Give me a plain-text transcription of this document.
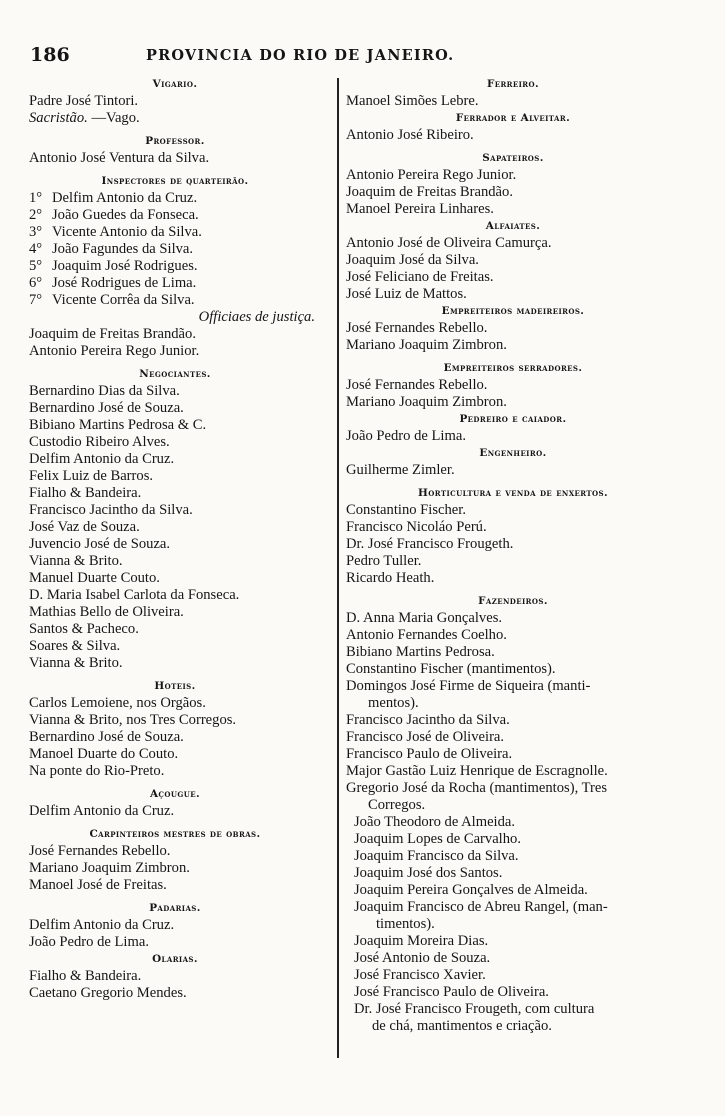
186	PROVINCIA DO RIO DE JANEIRO.
Vigario.
Padre José Tintori.
Sacristão. —Vago.
Professor.
Antonio José Ventura da Silva.
Inspectores de quarteirão.
1° Delfim Antonio da Cruz.
2° João Guedes da Fonseca.
3° Vicente Antonio da Silva.
4° João Fagundes da Silva.
5° Joaquim José Rodrigues.
6° José Rodrigues de Lima.
7° Vicente Corrêa da Silva.
Officiaes de justiça.
Joaquim de Freitas Brandão.
Antonio Pereira Rego Junior.
Negociantes.
Bernardino Dias da Silva.
Bernardino José de Souza.
Bibiano Martins Pedrosa & C.
Custodio Ribeiro Alves.
Delfim Antonio da Cruz.
Felix Luiz de Barros.
Fialho & Bandeira.
Francisco Jacintho da Silva.
José Vaz de Souza.
Juvencio José de Souza.
Vianna & Brito.
Manuel Duarte Couto.
D. Maria Isabel Carlota da Fonseca.
Mathias Bello de Oliveira.
Santos & Pacheco.
Soares & Silva.
Vianna & Brito.
Hoteis.
Carlos Lemoiene, nos Orgãos.
Vianna & Brito, nos Tres Corregos.
Bernardino José de Souza.
Manoel Duarte do Couto.
Na ponte do Rio-Preto.
Açougue.
Delfim Antonio da Cruz.
Carpinteiros mestres de obras.
José Fernandes Rebello.
Mariano Joaquim Zimbron.
Manoel José de Freitas.
Padarias.
Delfim Antonio da Cruz.
João Pedro de Lima.
Olarias.
Fialho & Bandeira.
Caetano Gregorio Mendes.
Ferreiro.
Manoel Simões Lebre.
Ferrador e Alveitar.
Antonio José Ribeiro.
Sapateiros.
Antonio Pereira Rego Junior.
Joaquim de Freitas Brandão.
Manoel Pereira Linhares.
Alfaiates.
Antonio José de Oliveira Camurça.
Joaquim José da Silva.
José Feliciano de Freitas.
José Luiz de Mattos.
Empreiteiros madeireiros.
José Fernandes Rebello.
Mariano Joaquim Zimbron.
Empreiteiros serradores.
José Fernandes Rebello.
Mariano Joaquim Zimbron.
Pedreiro e caiador.
João Pedro de Lima.
Engenheiro.
Guilherme Zimler.
Horticultura e venda de enxertos.
Constantino Fischer.
Francisco Nicoláo Perú.
Dr. José Francisco Frougeth.
Pedro Tuller.
Ricardo Heath.
Fazendeiros.
D. Anna Maria Gonçalves.
Antonio Fernandes Coelho.
Bibiano Martins Pedrosa.
Constantino Fischer (mantimentos).
Domingos José Firme de Siqueira (manti-
mentos).
Francisco Jacintho da Silva.
Francisco José de Oliveira.
Francisco Paulo de Oliveira.
Major Gastão Luiz Henrique de Escragnolle.
Gregorio José da Rocha (mantimentos), Tres
Corregos.
João Theodoro de Almeida.
Joaquim Lopes de Carvalho.
Joaquim Francisco da Silva.
Joaquim José dos Santos.
Joaquim Pereira Gonçalves de Almeida.
Joaquim Francisco de Abreu Rangel, (man-
timentos).
Joaquim Moreira Dias.
José Antonio de Souza.
José Francisco Xavier.
José Francisco Paulo de Oliveira.
Dr. José Francisco Frougeth, com cultura
de chá, mantimentos e criação.
